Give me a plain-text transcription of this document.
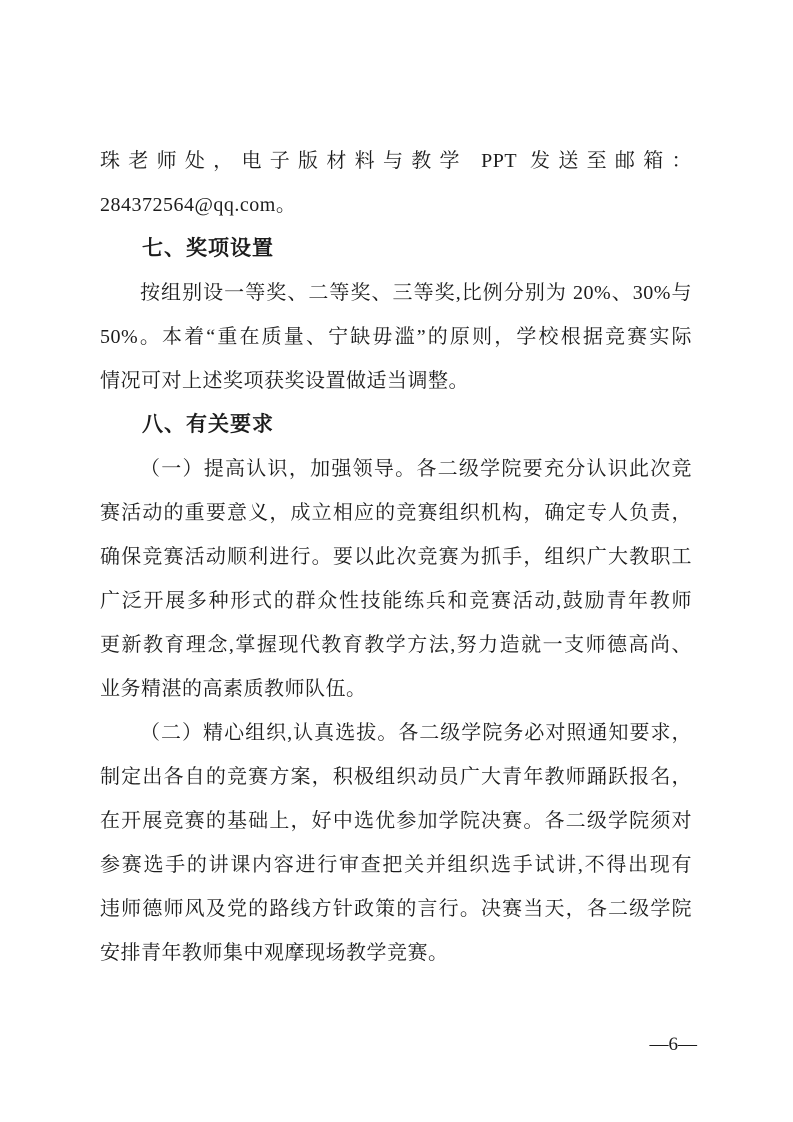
珠老师处，电子版材料与教学 PPT 发送至邮箱：
284372564@qq.com。
七、奖项设置
按组别设一等奖、二等奖、三等奖,比例分别为 20%、30%与
50%。本着“重在质量、宁缺毋滥”的原则，学校根据竞赛实际
情况可对上述奖项获奖设置做适当调整。
八、有关要求
（一）提高认识，加强领导。各二级学院要充分认识此次竞
赛活动的重要意义，成立相应的竞赛组织机构，确定专人负责，
确保竞赛活动顺利进行。要以此次竞赛为抓手，组织广大教职工
广泛开展多种形式的群众性技能练兵和竞赛活动,鼓励青年教师
更新教育理念,掌握现代教育教学方法,努力造就一支师德高尚、
业务精湛的高素质教师队伍。
（二）精心组织,认真选拔。各二级学院务必对照通知要求，
制定出各自的竞赛方案，积极组织动员广大青年教师踊跃报名，
在开展竞赛的基础上，好中选优参加学院决赛。各二级学院须对
参赛选手的讲课内容进行审查把关并组织选手试讲,不得出现有
违师德师风及党的路线方针政策的言行。决赛当天，各二级学院
安排青年教师集中观摩现场教学竞赛。
—6—
